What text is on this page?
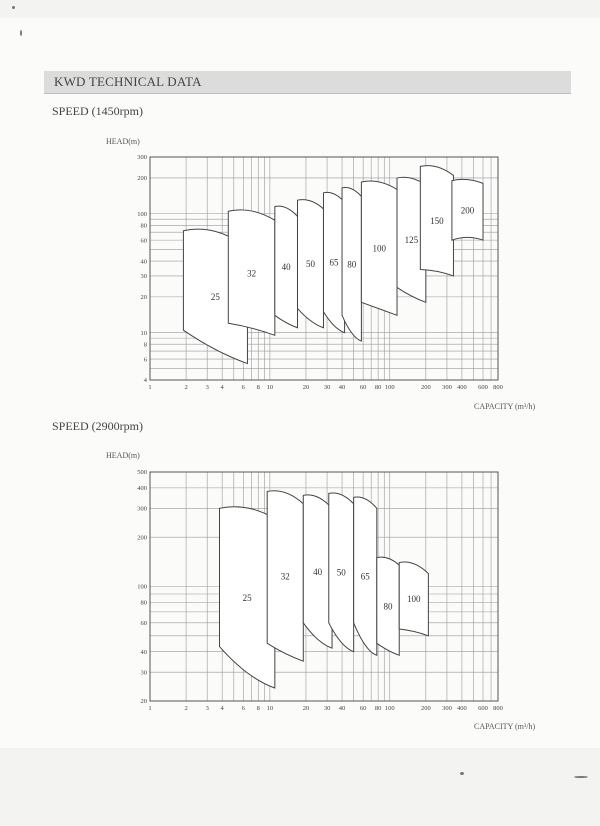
KWD TECHNICAL DATA
SPEED (1450rpm)
HEAD(m)
CAPACITY (m³/h)
SPEED (2900rpm)
HEAD(m)
CAPACITY (m³/h)
1	2	3 4	6 8 10	20 30 40 60 80 100	200 300 400 600 800
4
6
8
10
20
30
40
60
80
100
200
300
25
32
40 50 65 80
100
125
150
200
1	2	3 4	6 8 10	20 30 40 60 80 100	200 300 400 600 800
20
30
40
60
80
100
200
300
400
500
25
32	40 50 65
80
100
